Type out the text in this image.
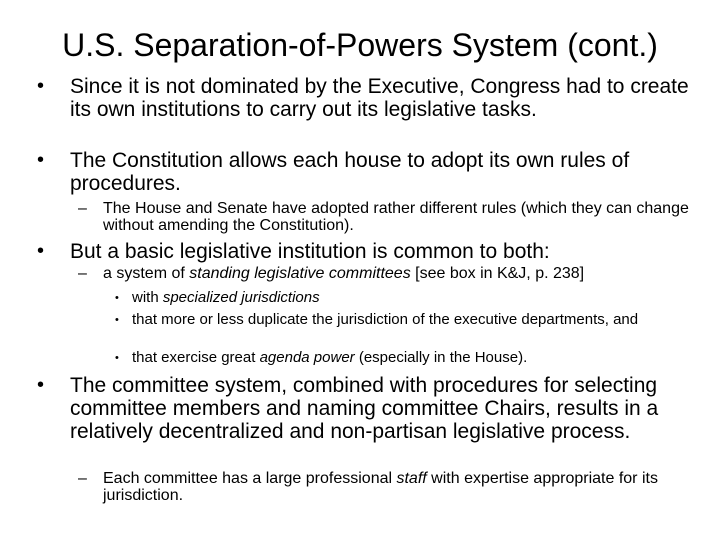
U.S. Separation-of-Powers System (cont.)
• Since it is not dominated by the Executive, Congress had to create its own institutions to carry out its legislative tasks.
• The Constitution allows each house to adopt its own rules of procedures.
– The House and Senate have adopted rather different rules (which they can change without amending the Constitution).
• But a basic legislative institution is common to both:
– a system of standing legislative committees [see box in K&J, p. 238]
• with specialized jurisdictions
• that more or less duplicate the jurisdiction of the executive departments, and
• that exercise great agenda power (especially in the House).
• The committee system, combined with procedures for selecting committee members and naming committee Chairs, results in a relatively decentralized and non-partisan legislative process.
– Each committee has a large professional staff with expertise appropriate for its jurisdiction.
